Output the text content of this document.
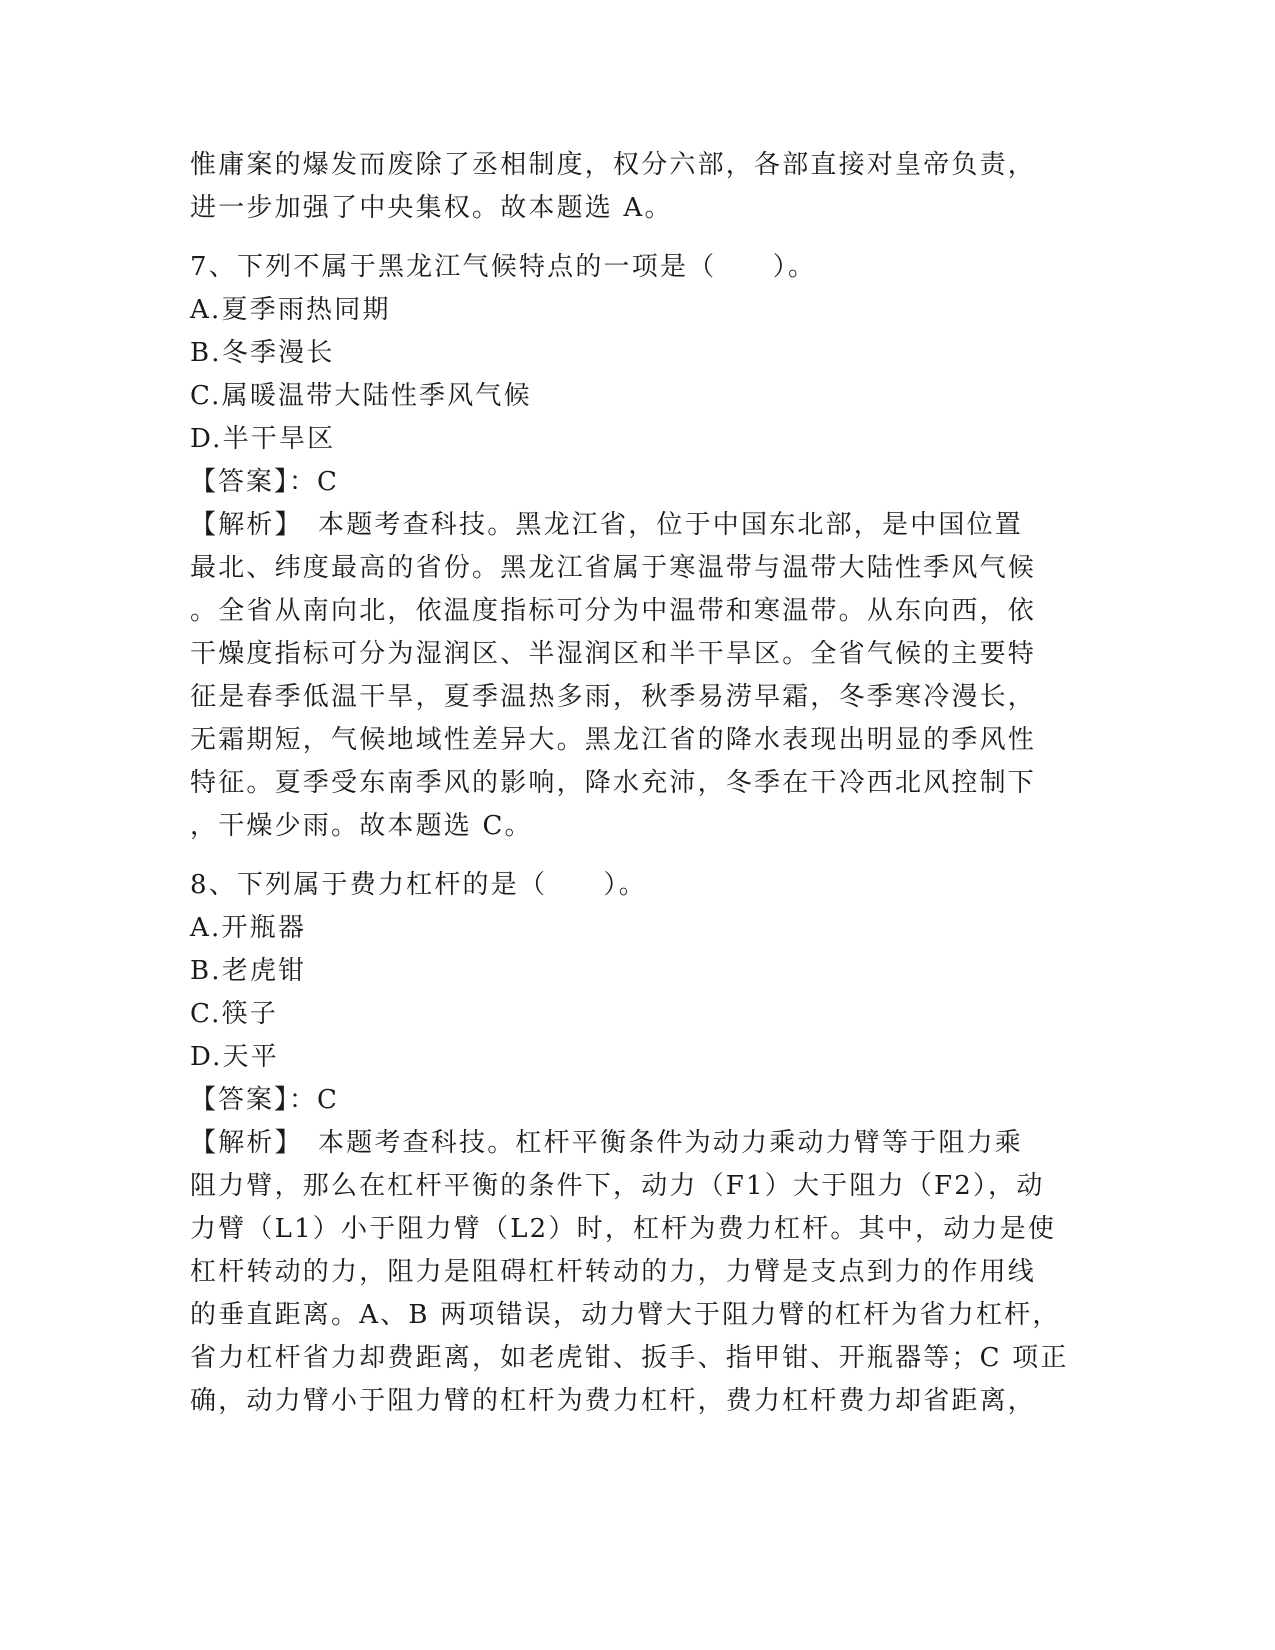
惟庸案的爆发而废除了丞相制度，权分六部，各部直接对皇帝负责，
进一步加强了中央集权。故本题选 A。
7、下列不属于黑龙江气候特点的一项是（　　）。
A.夏季雨热同期
B.冬季漫长
C.属暖温带大陆性季风气候
D.半干旱区
【答案】：C
【解析】　本题考查科技。黑龙江省，位于中国东北部，是中国位置
最北、纬度最高的省份。黑龙江省属于寒温带与温带大陆性季风气候
。全省从南向北，依温度指标可分为中温带和寒温带。从东向西，依
干燥度指标可分为湿润区、半湿润区和半干旱区。全省气候的主要特
征是春季低温干旱，夏季温热多雨，秋季易涝早霜，冬季寒冷漫长，
无霜期短，气候地域性差异大。黑龙江省的降水表现出明显的季风性
特征。夏季受东南季风的影响，降水充沛，冬季在干冷西北风控制下
，干燥少雨。故本题选 C。
8、下列属于费力杠杆的是（　　）。
A.开瓶器
B.老虎钳
C.筷子
D.天平
【答案】：C
【解析】　本题考查科技。杠杆平衡条件为动力乘动力臂等于阻力乘
阻力臂，那么在杠杆平衡的条件下，动力（F1）大于阻力（F2），动
力臂（L1）小于阻力臂（L2）时，杠杆为费力杠杆。其中，动力是使
杠杆转动的力，阻力是阻碍杠杆转动的力，力臂是支点到力的作用线
的垂直距离。A、B 两项错误，动力臂大于阻力臂的杠杆为省力杠杆，
省力杠杆省力却费距离，如老虎钳、扳手、指甲钳、开瓶器等；C 项正
确，动力臂小于阻力臂的杠杆为费力杠杆，费力杠杆费力却省距离，
